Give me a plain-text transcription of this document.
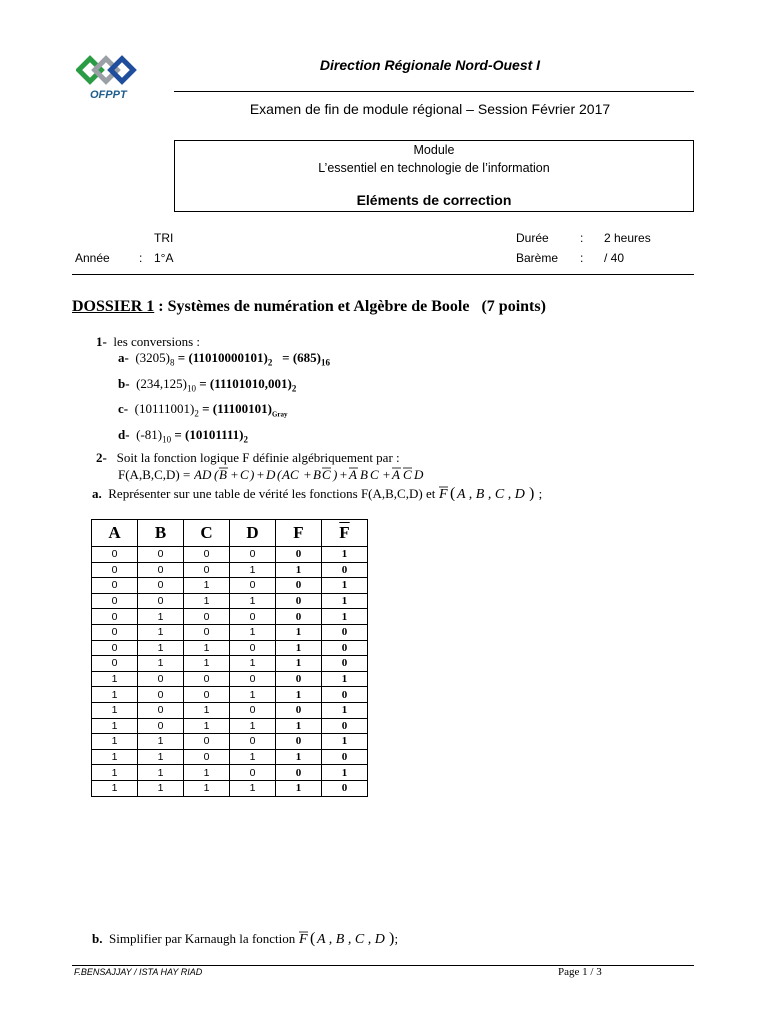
OFPPT
Direction Régionale Nord-Ouest I
Examen de fin de module régional – Session Février 2017
Module
L’essentiel en technologie de l’information
Eléments de correction
TRI
Année : 1°A
Durée	: 2 heures
Barème : / 40
DOSSIER 1 : Systèmes de numération et Algèbre de Boole (7 points)
1- les conversions :
a- $(3205)_8 = (11010000101)_2 = (685)_{16}$
b- $(234,125)_{10} = (11101010,001)_2$
c- $(10111001)_2 = (11100101)_{Gray}$
d- $(-81)_{10} = (10101111)_2$
2- Soit la fonction logique F définie algébriquement par :
F(A,B,C,D) = AD ( B + C ) + D ( AC + B C ) + A B C + A C D
a. Représenter sur une table de vérité les fonctions F(A,B,C,D) et F ( A , B , C , D ) ;
A	B	C	D	F	$\overline{F}$
0	0	0	0	0	1
0	0	0	1	1	0
0	0	1	0	0	1
0	0	1	1	0	1
0	1	0	0	0	1
0	1	0	1	1	0
0	1	1	0	1	0
0	1	1	1	1	0
1	0	0	0	0	1
1	0	0	1	1	0
1	0	1	0	0	1
1	0	1	1	1	0
1	1	0	0	0	1
1	1	0	1	1	0
1	1	1	0	0	1
1	1	1	1	1	0
b. Simplifier par Karnaugh la fonction F ( A , B , C , D ) ;
F.BENSAJJAY / ISTA HAY RIAD	Page 1 / 3
